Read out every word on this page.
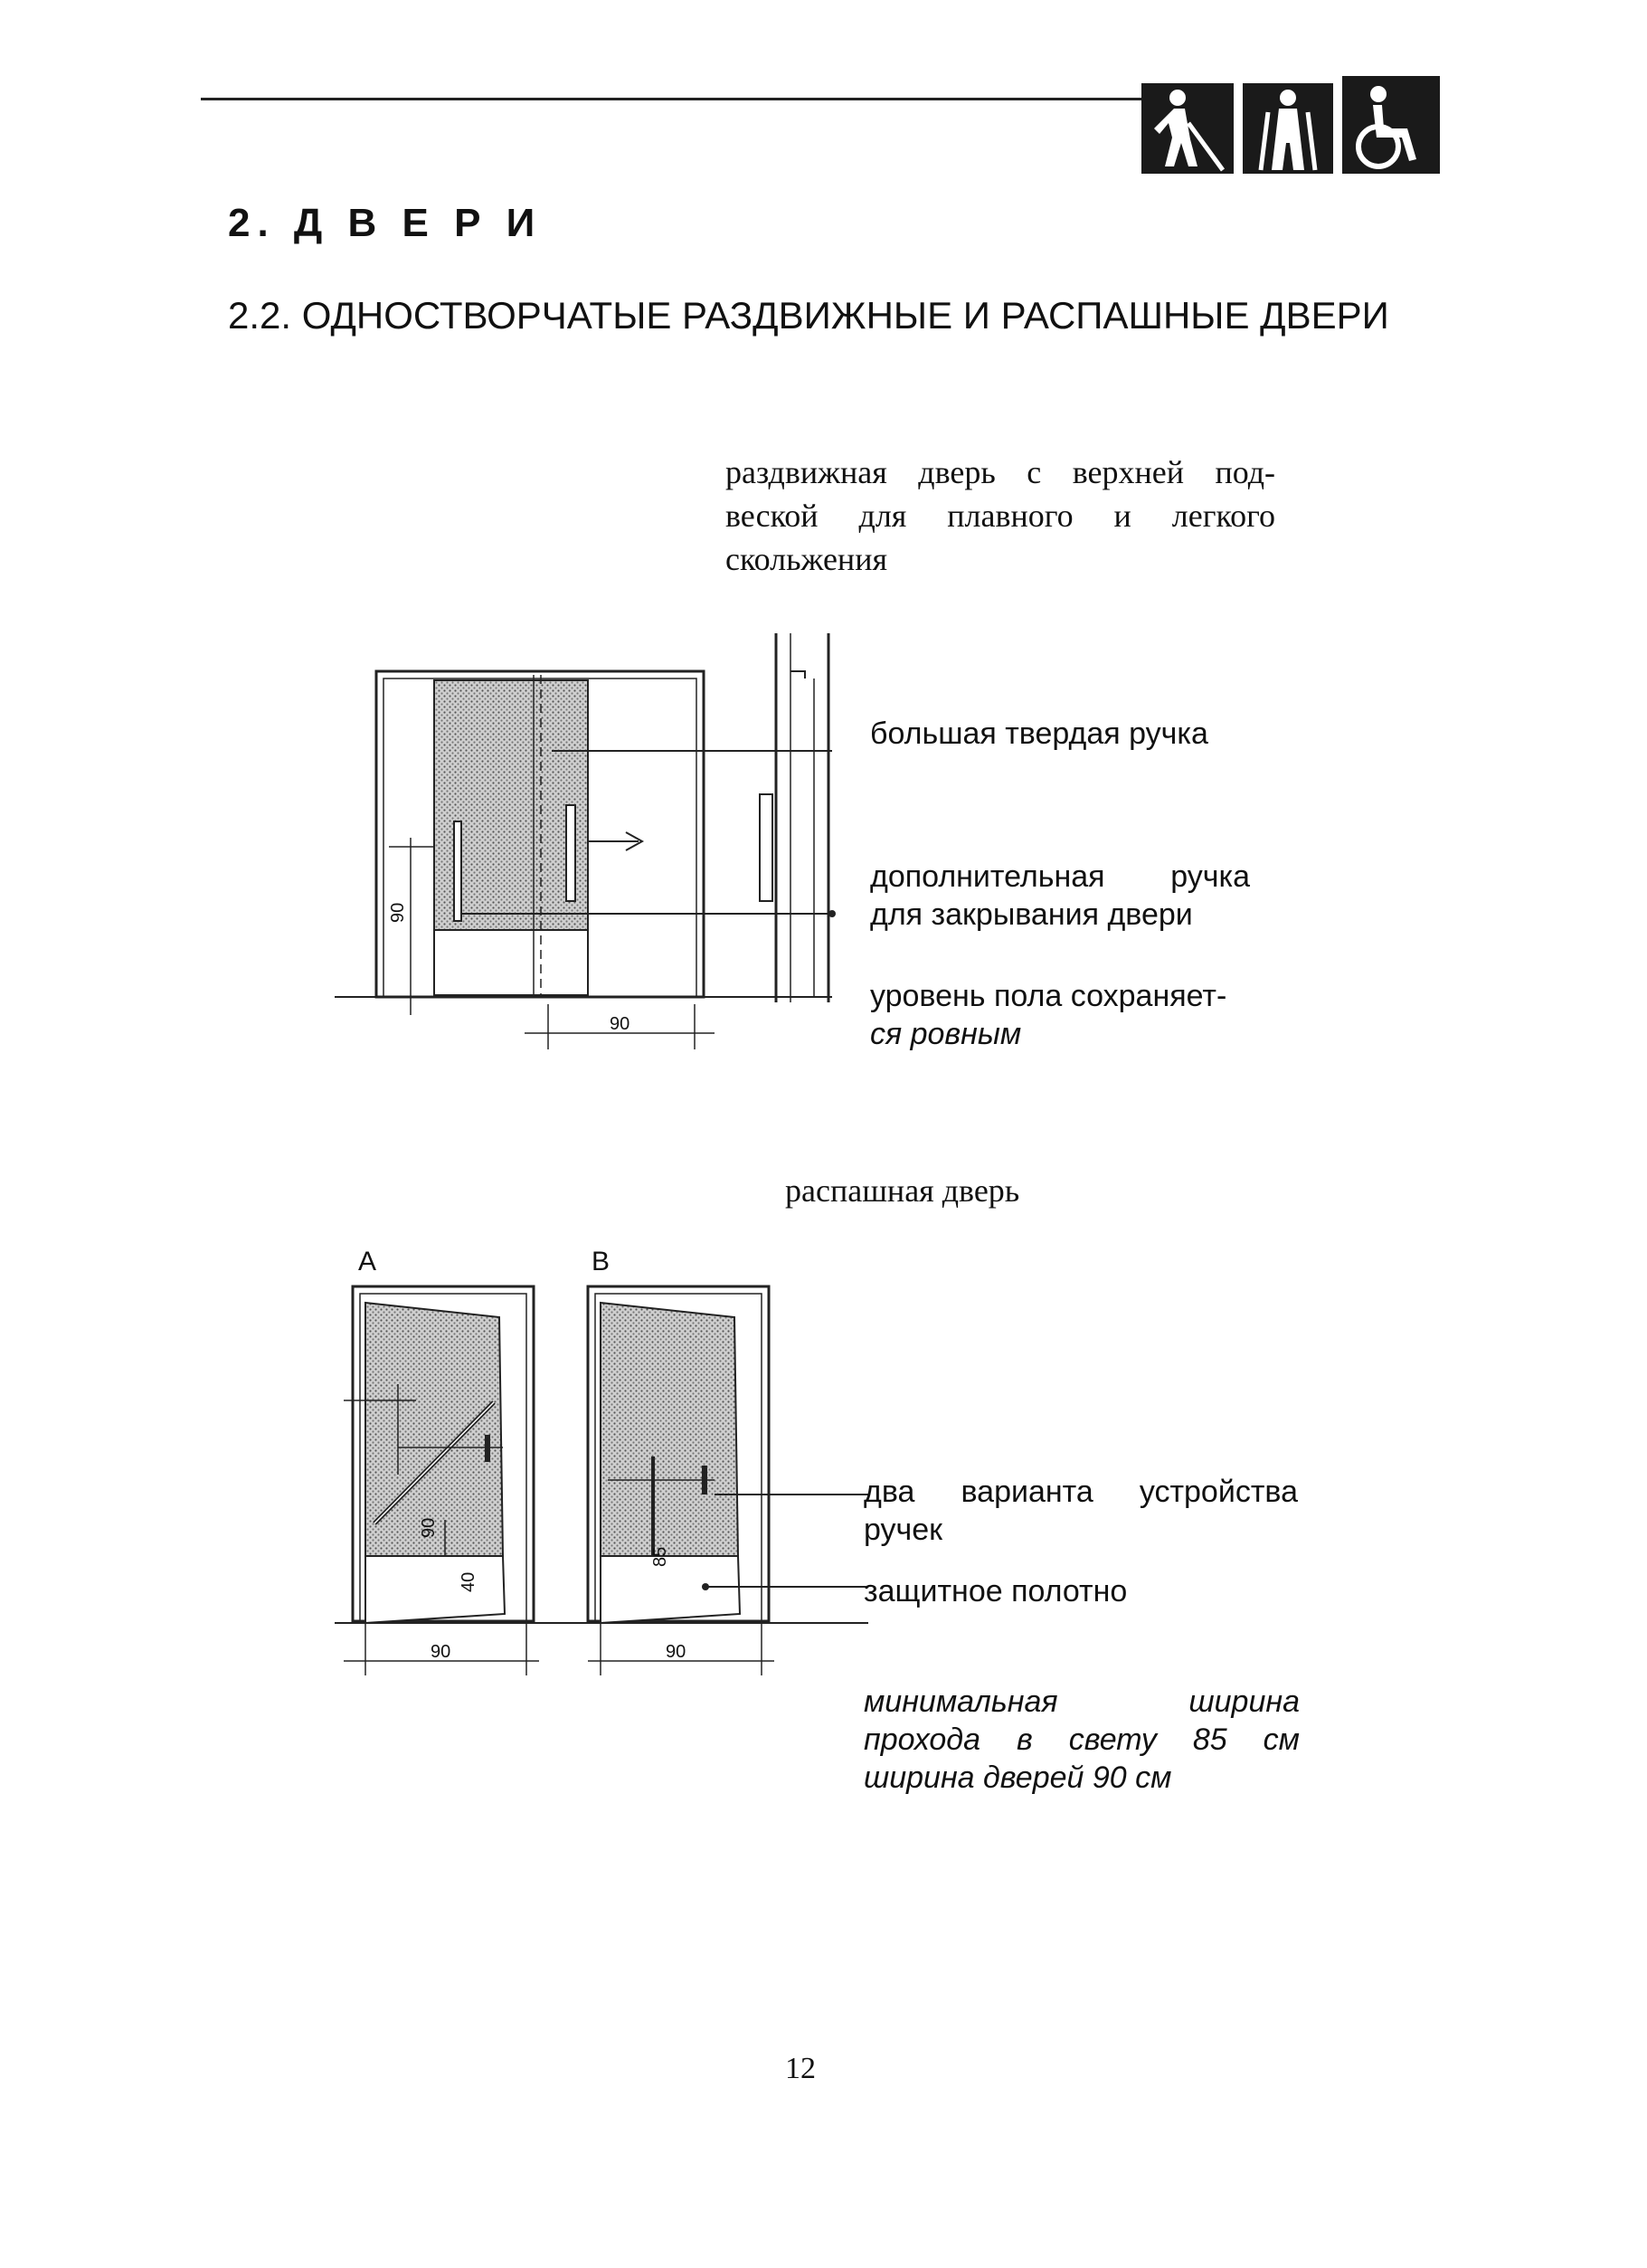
2. Д В Е Р И
2.2. ОДНОСТВОРЧАТЫЕ РАЗДВИЖНЫЕ И РАСПАШНЫЕ ДВЕРИ
раздвижная дверь с верхней под-
веской для плавного и легкого
скольжения
90
90
большая твердая ручка
дополнительная ручка
для закрывания двери
уровень пола сохраняет-
ся ровным
распашная дверь
A	B
90
40
85
90	90
два варианта устройства
ручек
защитное полотно
минимальная ширина
прохода в свету 85 см
ширина дверей 90 см
12
